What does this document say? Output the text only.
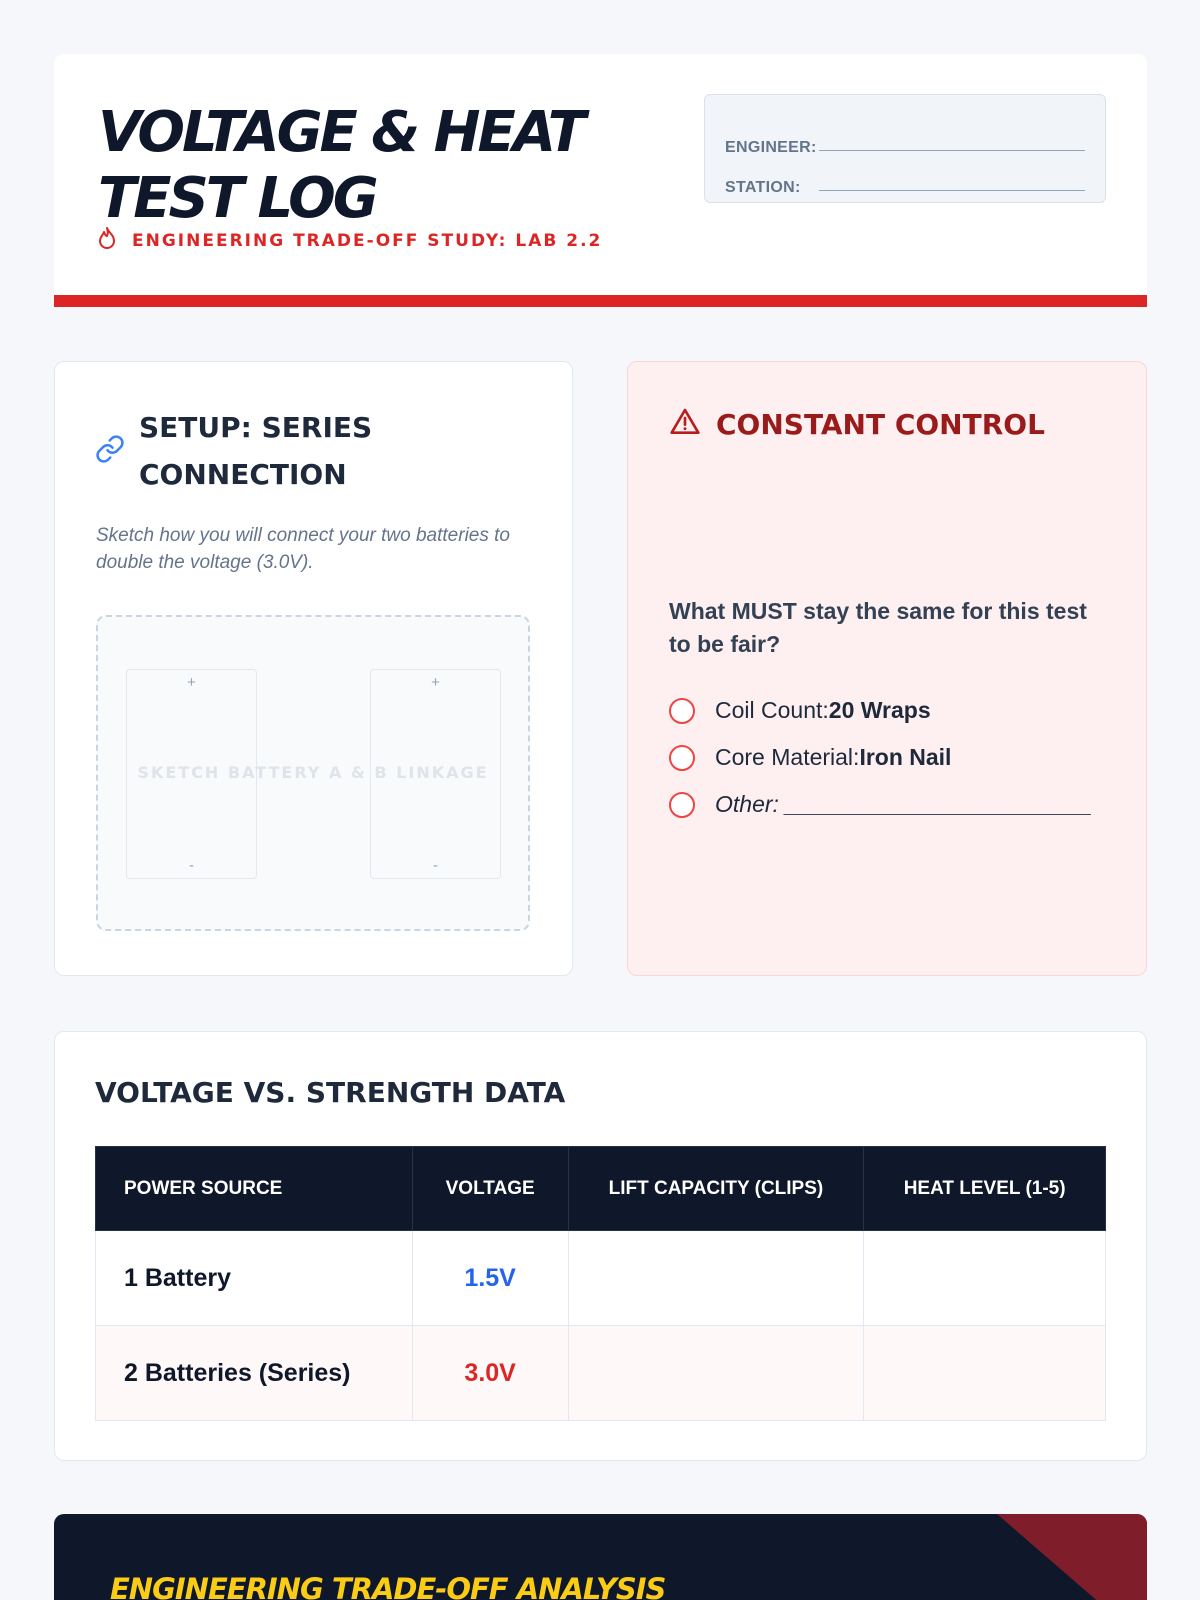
VOLTAGE & HEAT
TEST LOG
ENGINEERING TRADE-OFF STUDY: LAB 2.2
ENGINEER:
STATION:
SETUP: SERIES CONNECTION
Sketch how you will connect your two batteries to double the voltage (3.0V).
+
-
+
-
SKETCH BATTERY A & B LINKAGE
CONSTANT CONTROL
What MUST stay the same for this test to be fair?
Coil Count: 20 Wraps
Core Material: Iron Nail
Other: ________________________
VOLTAGE VS. STRENGTH DATA
POWER SOURCE	VOLTAGE	LIFT CAPACITY (CLIPS)	HEAT LEVEL (1-5)
1 Battery	1.5V		
2 Batteries (Series)	3.0V		
ENGINEERING TRADE-OFF ANALYSIS
